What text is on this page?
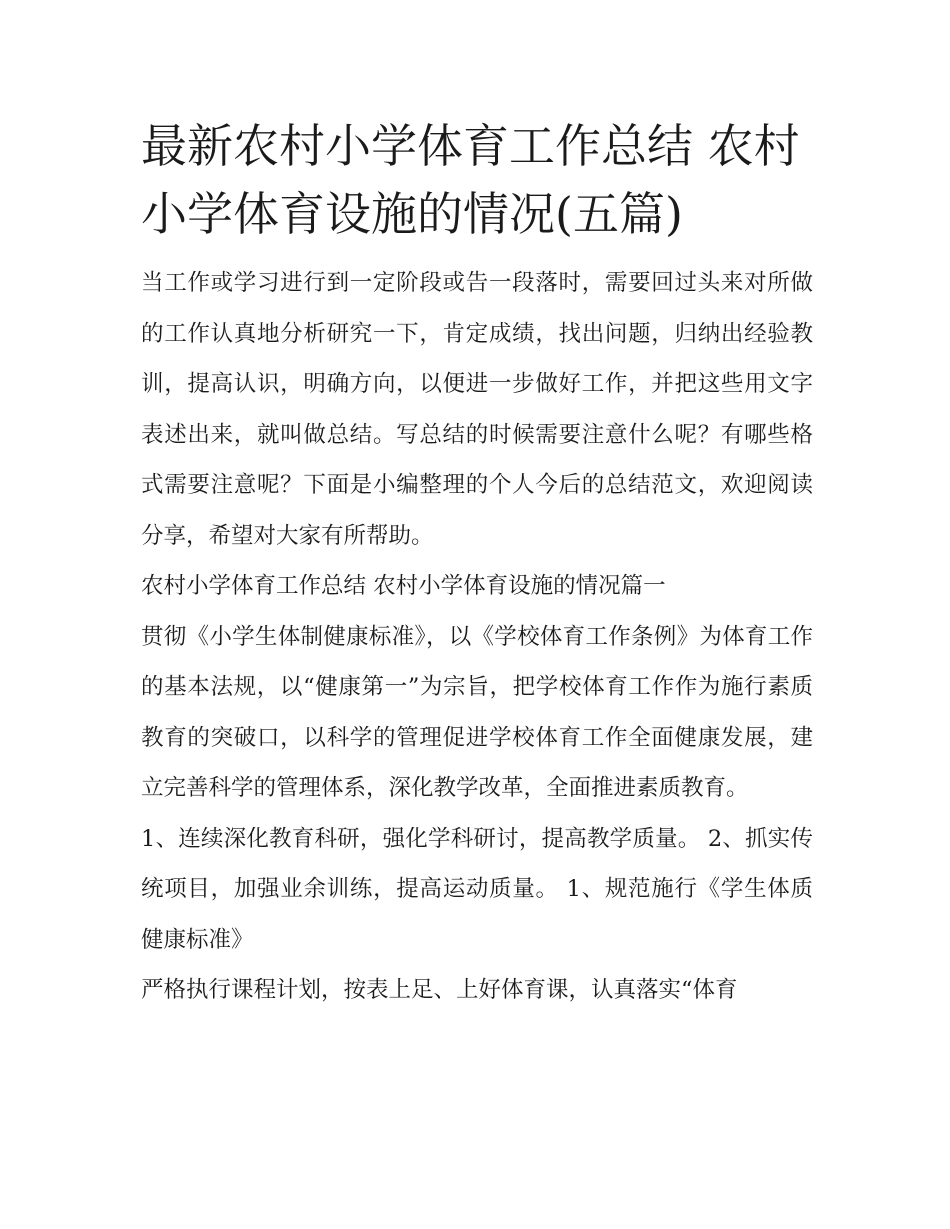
最新农村小学体育工作总结 农村小学体育设施的情况(五篇)

当工作或学习进行到一定阶段或告一段落时，需要回过头来对所做的工作认真地分析研究一下，肯定成绩，找出问题，归纳出经验教训，提高认识，明确方向，以便进一步做好工作，并把这些用文字表述出来，就叫做总结。写总结的时候需要注意什么呢？有哪些格式需要注意呢？下面是小编整理的个人今后的总结范文，欢迎阅读分享，希望对大家有所帮助。

农村小学体育工作总结 农村小学体育设施的情况篇一

贯彻《小学生体制健康标准》，以《学校体育工作条例》为体育工作的基本法规，以“健康第一”为宗旨，把学校体育工作作为施行素质教育的突破口，以科学的管理促进学校体育工作全面健康发展，建立完善科学的管理体系，深化教学改革，全面推进素质教育。

1、连续深化教育科研，强化学科研讨，提高教学质量。 2、抓实传统项目，加强业余训练，提高运动质量。 1、规范施行《学生体质健康标准》

严格执行课程计划，按表上足、上好体育课，认真落实“体育
